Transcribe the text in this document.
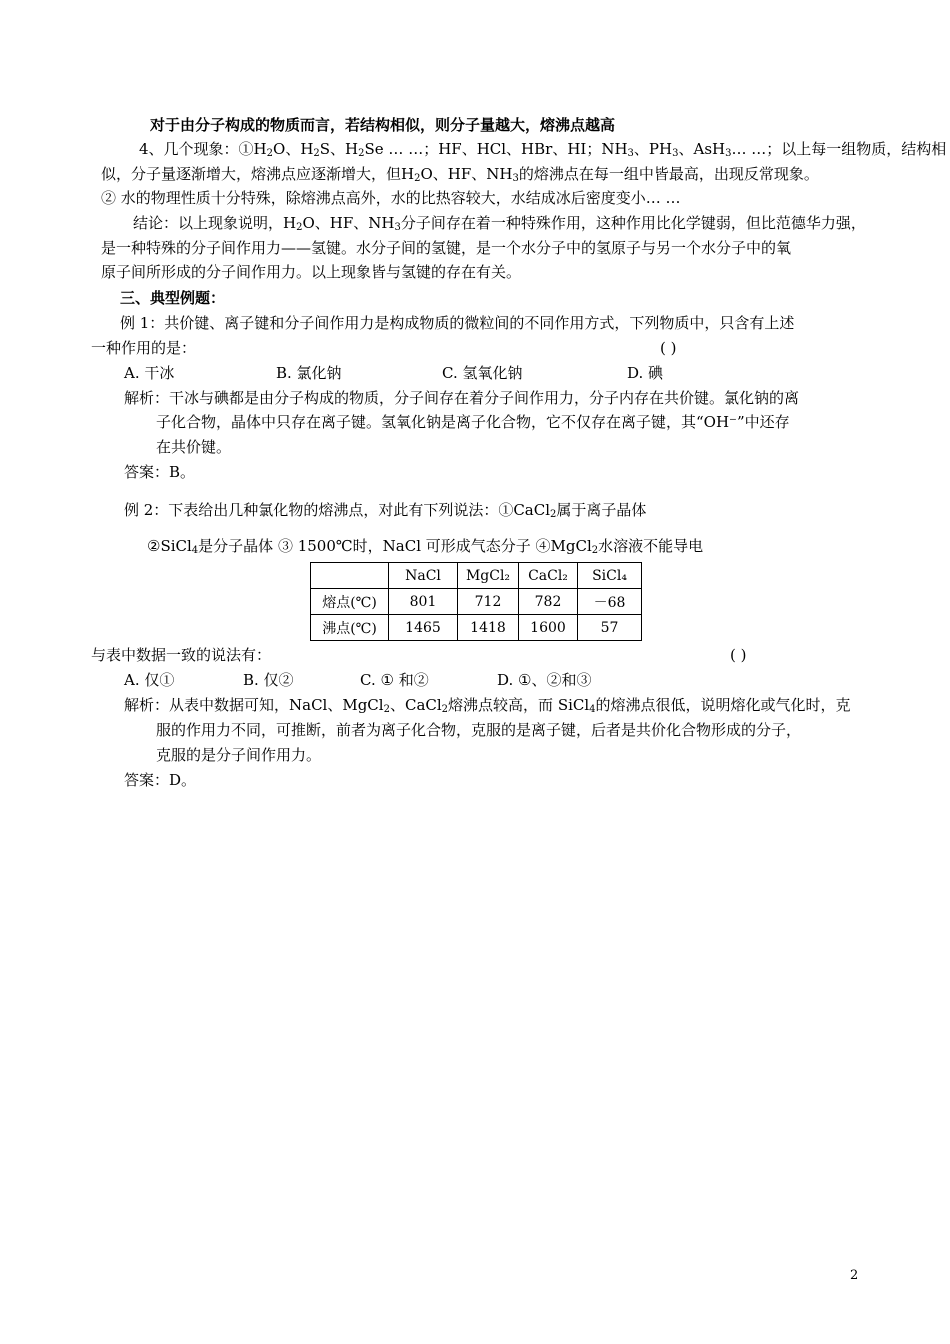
对于由分子构成的物质而言，若结构相似，则分子量越大，熔沸点越高
4、几个现象：$①H_2O$、$H_2S$、$H_2Se$ … …；HF、HCl、HBr、HI；$NH_3$、$PH_3$、AsH$_3$… …；以上每一组物质，结构相
似，分子量逐渐增大，熔沸点应逐渐增大，但$H_2O$、HF、$NH_3$的熔沸点在每一组中皆最高，出现反常现象。
② 水的物理性质十分特殊，除熔沸点高外，水的比热容较大，水结成冰后密度变小… …
结论：以上现象说明，$H_2O$、HF、$NH_3$分子间存在着一种特殊作用，这种作用比化学键弱，但比范德华力强，
是一种特殊的分子间作用力——氢键。水分子间的氢键，是一个水分子中的氢原子与另一个水分子中的氧
原子间所形成的分子间作用力。以上现象皆与氢键的存在有关。
三、典型例题：
例 1：共价键、离子键和分子间作用力是构成物质的微粒间的不同作用方式，下列物质中，只含有上述
一种作用的是：	( )
A. 干冰	B. 氯化钠	C. 氢氧化钠	D. 碘
解析：干冰与碘都是由分子构成的物质，分子间存在着分子间作用力，分子内存在共价键。氯化钠的离
子化合物，晶体中只存在离子键。氢氧化钠是离子化合物，它不仅存在离子键，其“OH⁻”中还存
在共价键。
答案：B。
例 2：下表给出几种氯化物的熔沸点，对此有下列说法：①CaCl$_2$属于离子晶体
②SiCl$_4$是分子晶体 ③ 1500℃时，NaCl 可形成气态分子 ④MgCl$_2$水溶液不能导电
	NaCl	MgCl₂	CaCl₂	SiCl₄
熔点(℃)	801	712	782	－68
沸点(℃)	1465	1418	1600	57
与表中数据一致的说法有：	( )
A. 仅①	B. 仅②	C. ① 和②	D. ①、②和③
解析：从表中数据可知，NaCl、MgCl$_2$、CaCl$_2$熔沸点较高，而 SiCl$_4$的熔沸点很低，说明熔化或气化时，克
服的作用力不同，可推断，前者为离子化合物，克服的是离子键，后者是共价化合物形成的分子，
克服的是分子间作用力。
答案：D。
2
